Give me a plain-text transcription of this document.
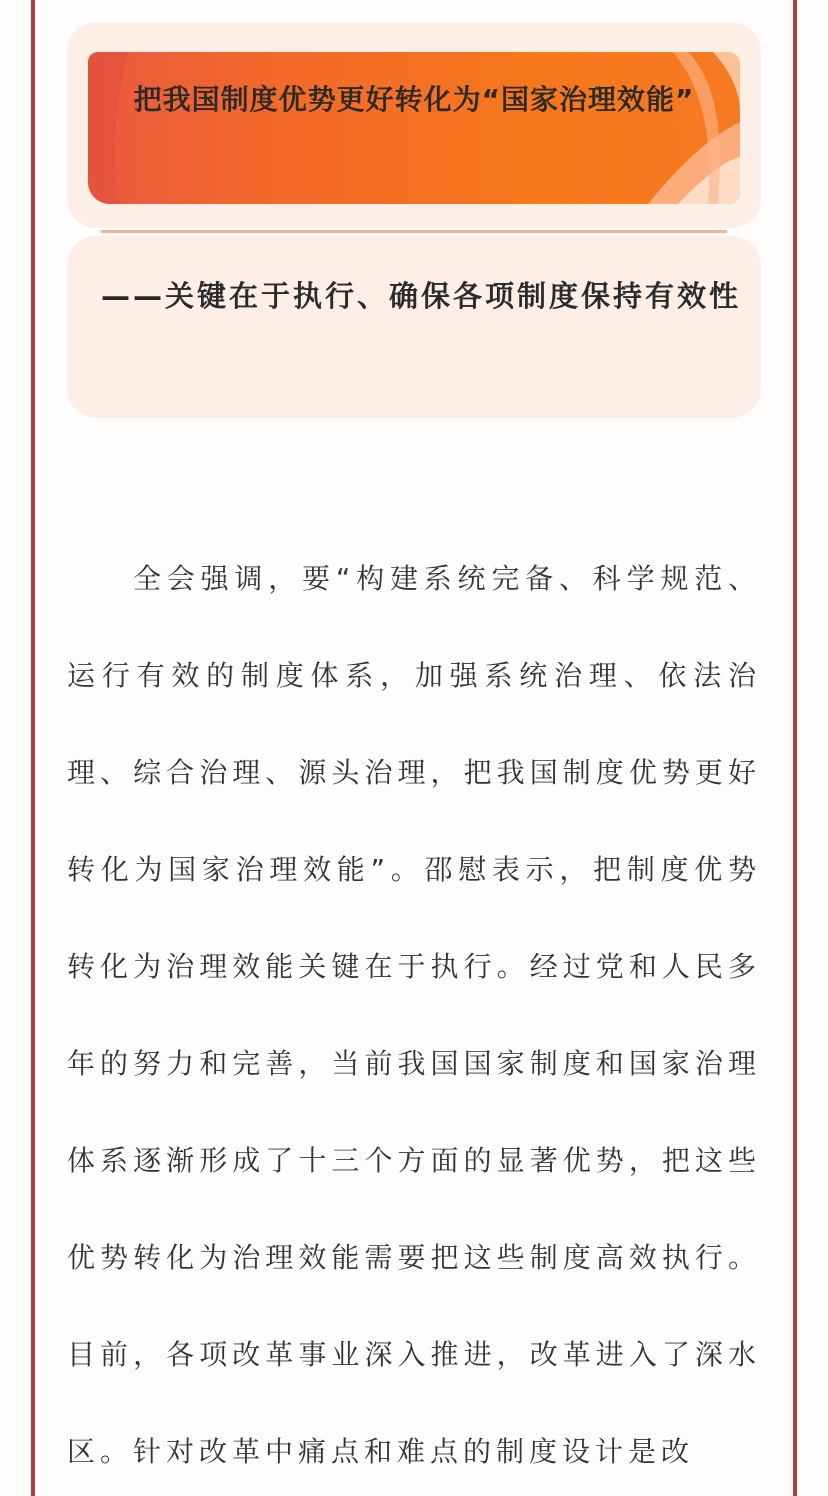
把我国制度优势更好转化为“国家治理效能”
——关键在于执行、确保各项制度保持有效性

全会强调，要“构建系统完备、科学规范、运行有效的制度体系，加强系统治理、依法治理、综合治理、源头治理，把我国制度优势更好转化为国家治理效能”。邵慰表示，把制度优势转化为治理效能关键在于执行。经过党和人民多年的努力和完善，当前我国国家制度和国家治理体系逐渐形成了十三个方面的显著优势，把这些优势转化为治理效能需要把这些制度高效执行。目前，各项改革事业深入推进，改革进入了深水区。针对改革中痛点和难点的制度设计是改
